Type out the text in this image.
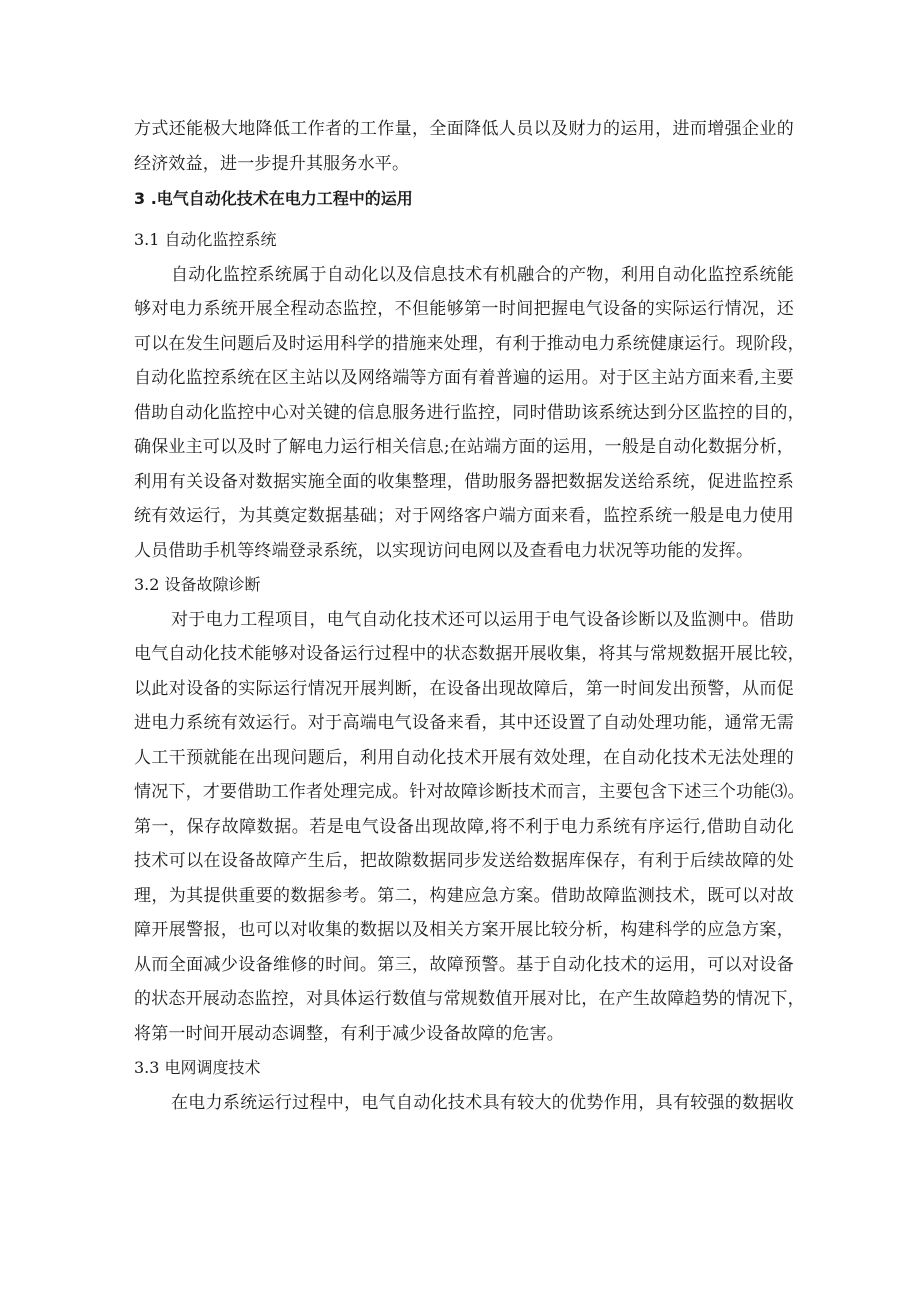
方式还能极大地降低工作者的工作量，全面降低人员以及财力的运用，进而增强企业的
经济效益，进一步提升其服务水平。
3 .电气自动化技术在电力工程中的运用
3.1 自动化监控系统
自动化监控系统属于自动化以及信息技术有机融合的产物，利用自动化监控系统能
够对电力系统开展全程动态监控，不但能够第一时间把握电气设备的实际运行情况，还
可以在发生问题后及时运用科学的措施来处理，有利于推动电力系统健康运行。现阶段，
自动化监控系统在区主站以及网络端等方面有着普遍的运用。对于区主站方面来看,主要
借助自动化监控中心对关键的信息服务进行监控，同时借助该系统达到分区监控的目的，
确保业主可以及时了解电力运行相关信息;在站端方面的运用，一般是自动化数据分析，
利用有关设备对数据实施全面的收集整理，借助服务器把数据发送给系统，促进监控系
统有效运行，为其奠定数据基础；对于网络客户端方面来看，监控系统一般是电力使用
人员借助手机等终端登录系统，以实现访问电网以及查看电力状况等功能的发挥。
3.2 设备故隙诊断
对于电力工程项目，电气自动化技术还可以运用于电气设备诊断以及监测中。借助
电气自动化技术能够对设备运行过程中的状态数据开展收集，将其与常规数据开展比较，
以此对设备的实际运行情况开展判断，在设备出现故障后，第一时间发出预警，从而促
进电力系统有效运行。对于高端电气设备来看，其中还设置了自动处理功能，通常无需
人工干预就能在出现问题后，利用自动化技术开展有效处理，在自动化技术无法处理的
情况下，才要借助工作者处理完成。针对故障诊断技术而言，主要包含下述三个功能⑶。
第一，保存故障数据。若是电气设备出现故障,将不利于电力系统有序运行,借助自动化
技术可以在设备故障产生后，把故隙数据同步发送给数据库保存，有利于后续故障的处
理，为其提供重要的数据参考。第二，构建应急方案。借助故障监测技术，既可以对故
障开展警报，也可以对收集的数据以及相关方案开展比较分析，构建科学的应急方案，
从而全面减少设备维修的时间。第三，故障预警。基于自动化技术的运用，可以对设备
的状态开展动态监控，对具体运行数值与常规数值开展对比，在产生故障趋势的情况下，
将第一时间开展动态调整，有利于减少设备故障的危害。
3.3 电网调度技术
在电力系统运行过程中，电气自动化技术具有较大的优势作用，具有较强的数据收
